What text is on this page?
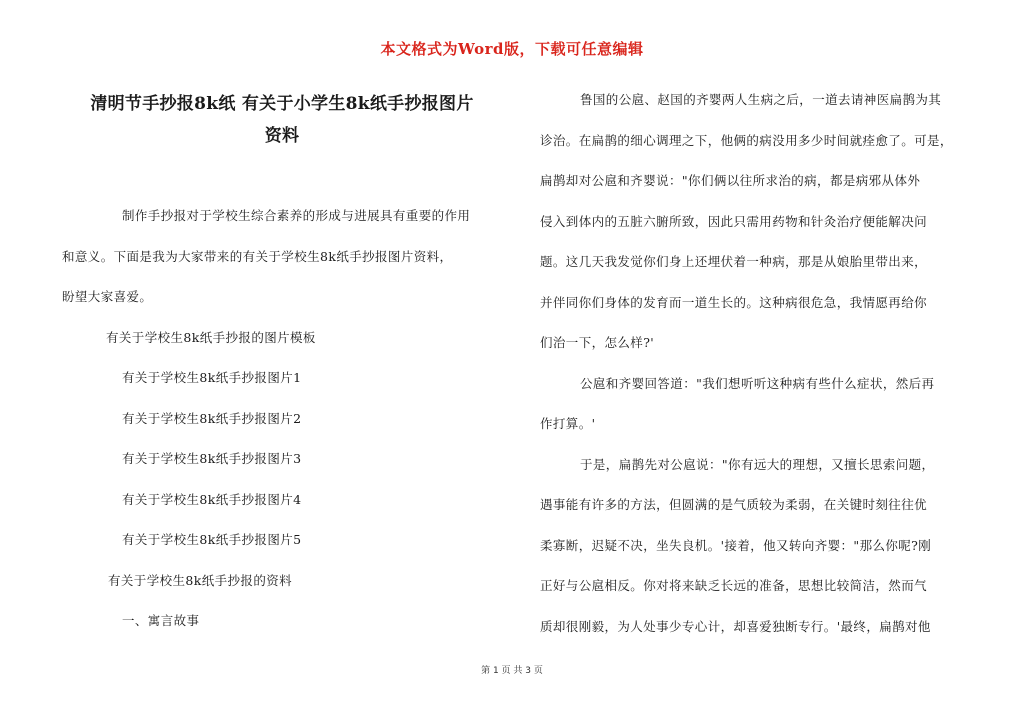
本文格式为Word版，下载可任意编辑
清明节手抄报8k纸 有关于小学生8k纸手抄报图片
资料
制作手抄报对于学校生综合素养的形成与进展具有重要的作用
和意义。下面是我为大家带来的有关于学校生8k纸手抄报图片资料，
盼望大家喜爱。
有关于学校生8k纸手抄报的图片模板
有关于学校生8k纸手抄报图片1
有关于学校生8k纸手抄报图片2
有关于学校生8k纸手抄报图片3
有关于学校生8k纸手抄报图片4
有关于学校生8k纸手抄报图片5
有关于学校生8k纸手抄报的资料
一、寓言故事
鲁国的公扈、赵国的齐婴两人生病之后，一道去请神医扁鹊为其
诊治。在扁鹊的细心调理之下，他俩的病没用多少时间就痊愈了。可是，
扁鹊却对公扈和齐婴说："你们俩以往所求治的病，都是病邪从体外
侵入到体内的五脏六腑所致，因此只需用药物和针灸治疗便能解决问
题。这几天我发觉你们身上还埋伏着一种病，那是从娘胎里带出来，
并伴同你们身体的发育而一道生长的。这种病很危急，我情愿再给你
们治一下，怎么样?'
公扈和齐婴回答道："我们想听听这种病有些什么症状，然后再
作打算。'
于是，扁鹊先对公扈说："你有远大的理想，又擅长思索问题，
遇事能有许多的方法，但圆满的是气质较为柔弱，在关键时刻往往优
柔寡断，迟疑不决，坐失良机。'接着，他又转向齐婴："那么你呢?刚
正好与公扈相反。你对将来缺乏长远的准备，思想比较简洁，然而气
质却很刚毅，为人处事少专心计，却喜爱独断专行。'最终，扁鹊对他
第 1 页 共 3 页
